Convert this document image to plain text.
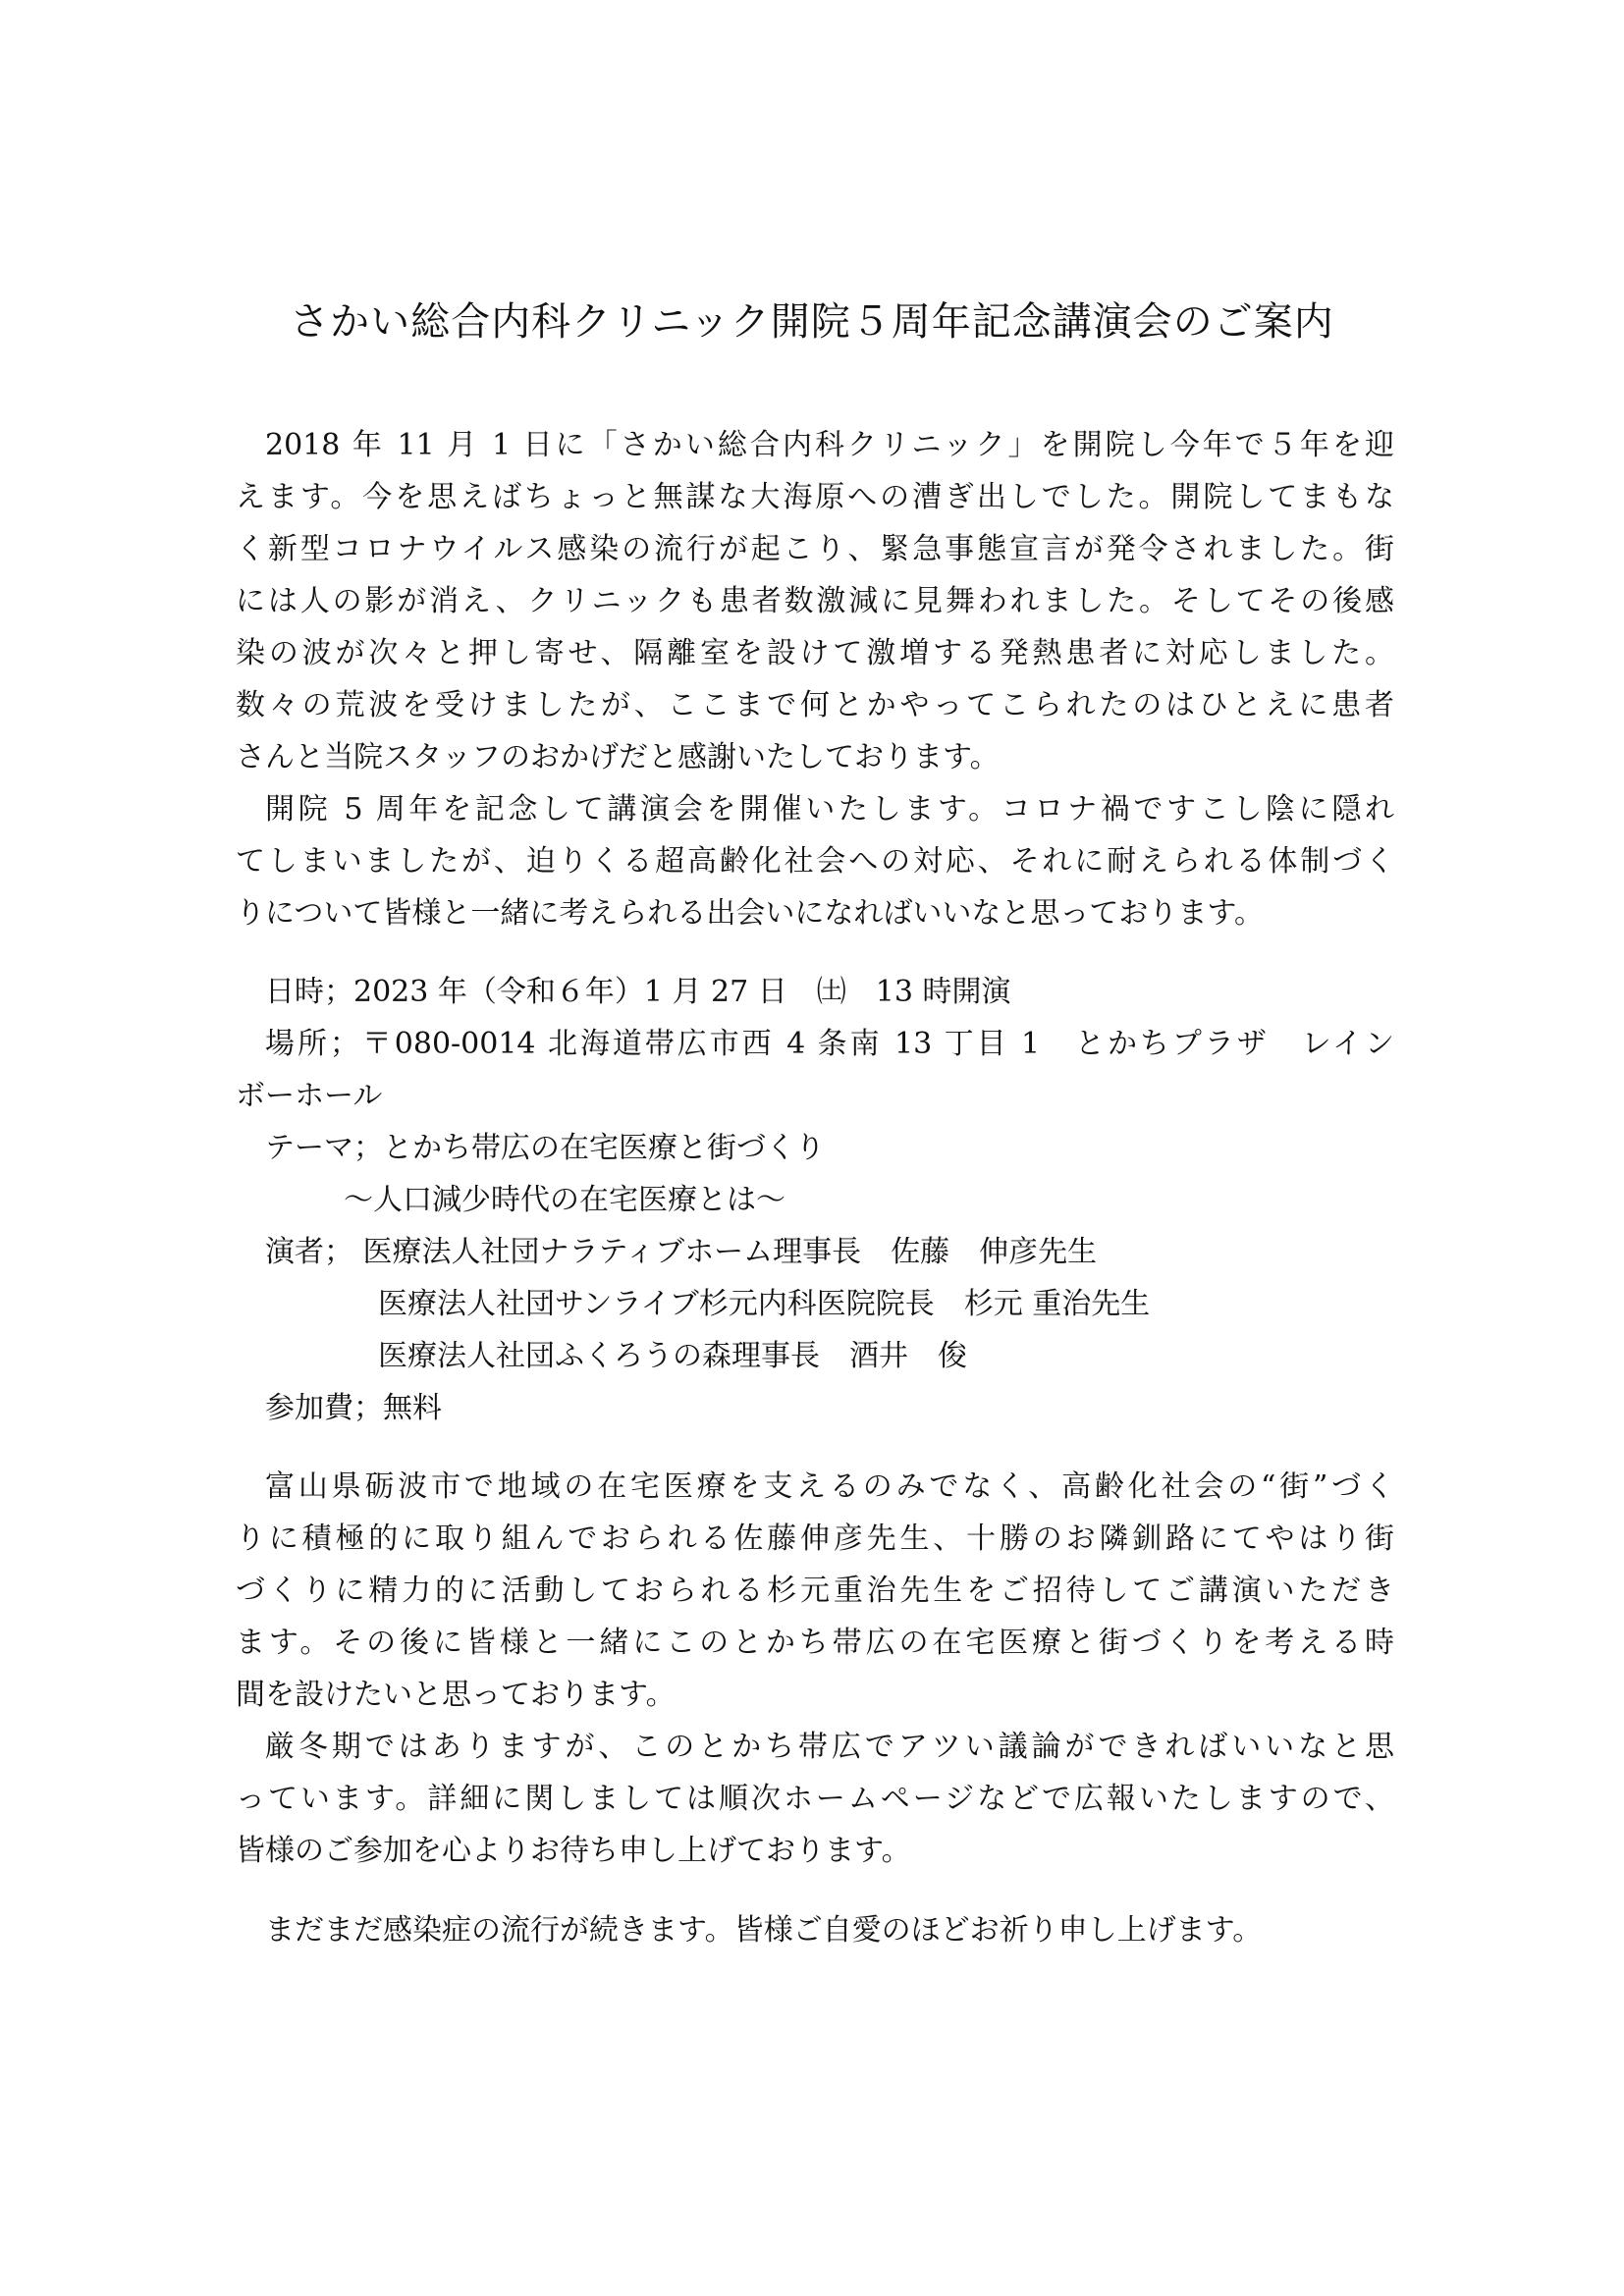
さかい総合内科クリニック開院５周年記念講演会のご案内
2018 年 11 月 1 日に「さかい総合内科クリニック」を開院し今年で５年を迎
えます。今を思えばちょっと無謀な大海原への漕ぎ出しでした。開院してまもな
く新型コロナウイルス感染の流行が起こり、緊急事態宣言が発令されました。街
には人の影が消え、クリニックも患者数激減に見舞われました。そしてその後感
染の波が次々と押し寄せ、隔離室を設けて激増する発熱患者に対応しました。
数々の荒波を受けましたが、ここまで何とかやってこられたのはひとえに患者
さんと当院スタッフのおかげだと感謝いたしております。
開院 5 周年を記念して講演会を開催いたします。コロナ禍ですこし陰に隠れ
てしまいましたが、迫りくる超高齢化社会への対応、それに耐えられる体制づく
りについて皆様と一緒に考えられる出会いになればいいなと思っております。
日時；2023 年（令和６年）1 月 27 日　㈯　13 時開演
場所；〒080-0014 北海道帯広市西 4 条南 13 丁目 1　とかちプラザ　レイン
ボーホール
テーマ；とかち帯広の在宅医療と街づくり
〜人口減少時代の在宅医療とは〜
演者； 医療法人社団ナラティブホーム理事長　佐藤　伸彦先生
医療法人社団サンライブ杉元内科医院院長　杉元 重治先生
医療法人社団ふくろうの森理事長　酒井　俊
参加費；無料
富山県砺波市で地域の在宅医療を支えるのみでなく、高齢化社会の“街”づく
りに積極的に取り組んでおられる佐藤伸彦先生、十勝のお隣釧路にてやはり街
づくりに精力的に活動しておられる杉元重治先生をご招待してご講演いただき
ます。その後に皆様と一緒にこのとかち帯広の在宅医療と街づくりを考える時
間を設けたいと思っております。
厳冬期ではありますが、このとかち帯広でアツい議論ができればいいなと思
っています。詳細に関しましては順次ホームページなどで広報いたしますので、
皆様のご参加を心よりお待ち申し上げております。
まだまだ感染症の流行が続きます。皆様ご自愛のほどお祈り申し上げます。
